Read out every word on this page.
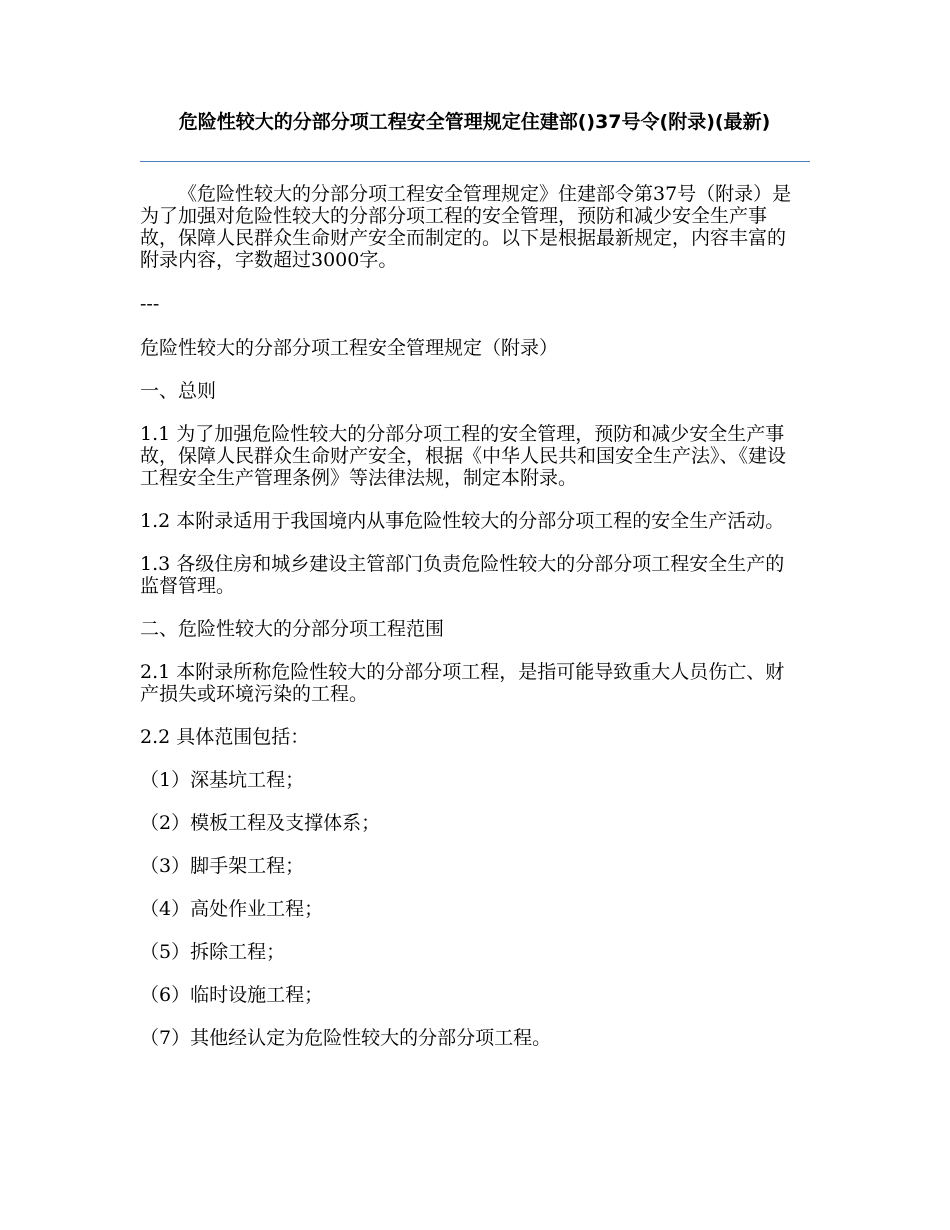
危险性较大的分部分项工程安全管理规定住建部()37号令(附录)(最新)

《危险性较大的分部分项工程安全管理规定》住建部令第37号（附录）是为了加强对危险性较大的分部分项工程的安全管理，预防和减少安全生产事故，保障人民群众生命财产安全而制定的。以下是根据最新规定，内容丰富的附录内容，字数超过3000字。

---

危险性较大的分部分项工程安全管理规定（附录）

一、总则

1.1 为了加强危险性较大的分部分项工程的安全管理，预防和减少安全生产事故，保障人民群众生命财产安全，根据《中华人民共和国安全生产法》、《建设工程安全生产管理条例》等法律法规，制定本附录。

1.2 本附录适用于我国境内从事危险性较大的分部分项工程的安全生产活动。

1.3 各级住房和城乡建设主管部门负责危险性较大的分部分项工程安全生产的监督管理。

二、危险性较大的分部分项工程范围

2.1 本附录所称危险性较大的分部分项工程，是指可能导致重大人员伤亡、财产损失或环境污染的工程。

2.2 具体范围包括：

（1）深基坑工程；

（2）模板工程及支撑体系；

（3）脚手架工程；

（4）高处作业工程；

（5）拆除工程；

（6）临时设施工程；

（7）其他经认定为危险性较大的分部分项工程。
